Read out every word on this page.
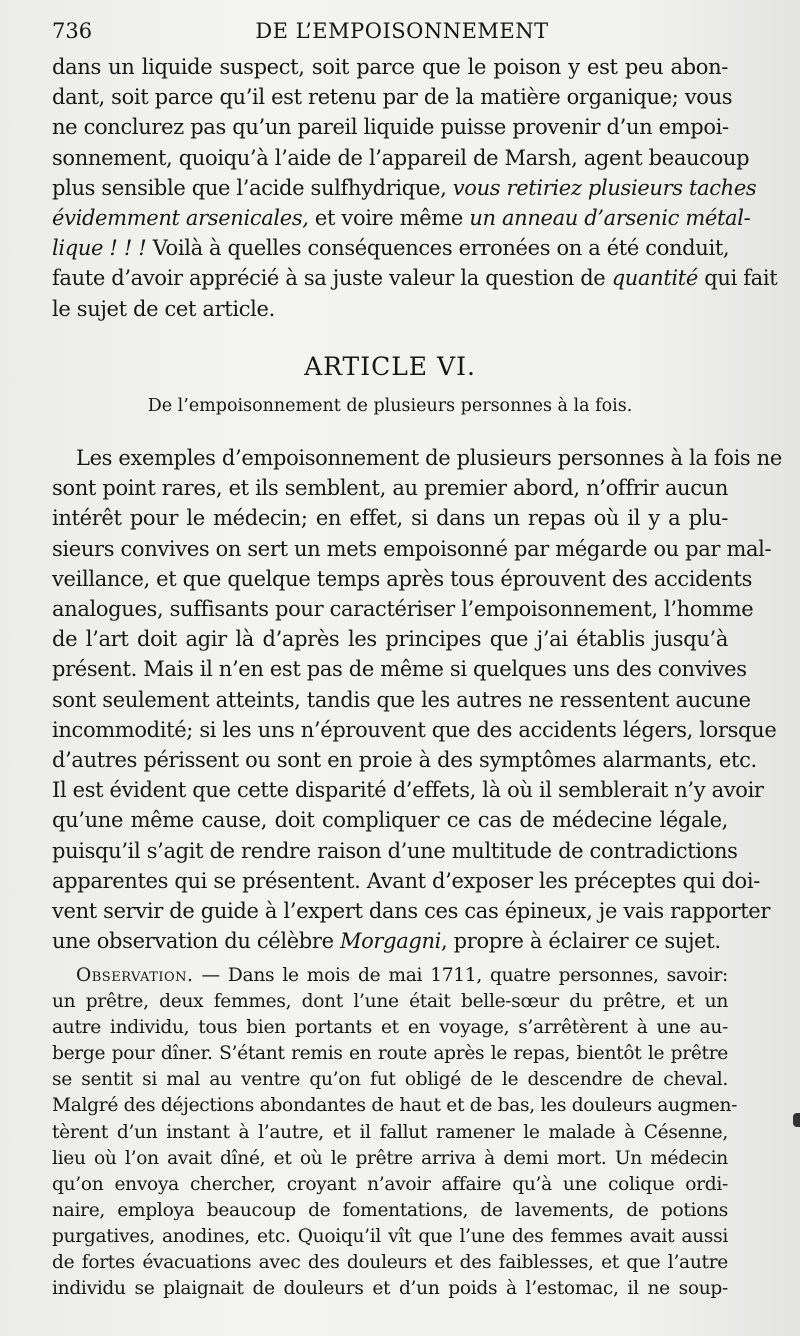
736	DE L’EMPOISONNEMENT
dans un liquide suspect, soit parce que le poison y est peu abon-
dant, soit parce qu’il est retenu par de la matière organique; vous
ne conclurez pas qu’un pareil liquide puisse provenir d’un empoi-
sonnement, quoiqu’à l’aide de l’appareil de Marsh, agent beaucoup
plus sensible que l’acide sulfhydrique, vous retiriez plusieurs taches
évidemment arsenicales, et voire même un anneau d’arsenic métal-
lique ! ! ! Voilà à quelles conséquences erronées on a été conduit,
faute d’avoir apprécié à sa juste valeur la question de quantité qui fait
le sujet de cet article.
ARTICLE VI.
De l’empoisonnement de plusieurs personnes à la fois.
Les exemples d’empoisonnement de plusieurs personnes à la fois ne
sont point rares, et ils semblent, au premier abord, n’offrir aucun
intérêt pour le médecin; en effet, si dans un repas où il y a plu-
sieurs convives on sert un mets empoisonné par mégarde ou par mal-
veillance, et que quelque temps après tous éprouvent des accidents
analogues, suffisants pour caractériser l’empoisonnement, l’homme
de l’art doit agir là d’après les principes que j’ai établis jusqu’à
présent. Mais il n’en est pas de même si quelques uns des convives
sont seulement atteints, tandis que les autres ne ressentent aucune
incommodité; si les uns n’éprouvent que des accidents légers, lorsque
d’autres périssent ou sont en proie à des symptômes alarmants, etc.
Il est évident que cette disparité d’effets, là où il semblerait n’y avoir
qu’une même cause, doit compliquer ce cas de médecine légale,
puisqu’il s’agit de rendre raison d’une multitude de contradictions
apparentes qui se présentent. Avant d’exposer les préceptes qui doi-
vent servir de guide à l’expert dans ces cas épineux, je vais rapporter
une observation du célèbre Morgagni, propre à éclairer ce sujet.
Observation. — Dans le mois de mai 1711, quatre personnes, savoir:
un prêtre, deux femmes, dont l’une était belle-sœur du prêtre, et un
autre individu, tous bien portants et en voyage, s’arrêtèrent à une au-
berge pour dîner. S’étant remis en route après le repas, bientôt le prêtre
se sentit si mal au ventre qu’on fut obligé de le descendre de cheval.
Malgré des déjections abondantes de haut et de bas, les douleurs augmen-
tèrent d’un instant à l’autre, et il fallut ramener le malade à Césenne,
lieu où l’on avait dîné, et où le prêtre arriva à demi mort. Un médecin
qu’on envoya chercher, croyant n’avoir affaire qu’à une colique ordi-
naire, employa beaucoup de fomentations, de lavements, de potions
purgatives, anodines, etc. Quoiqu’il vît que l’une des femmes avait aussi
de fortes évacuations avec des douleurs et des faiblesses, et que l’autre
individu se plaignait de douleurs et d’un poids à l’estomac, il ne soup-
